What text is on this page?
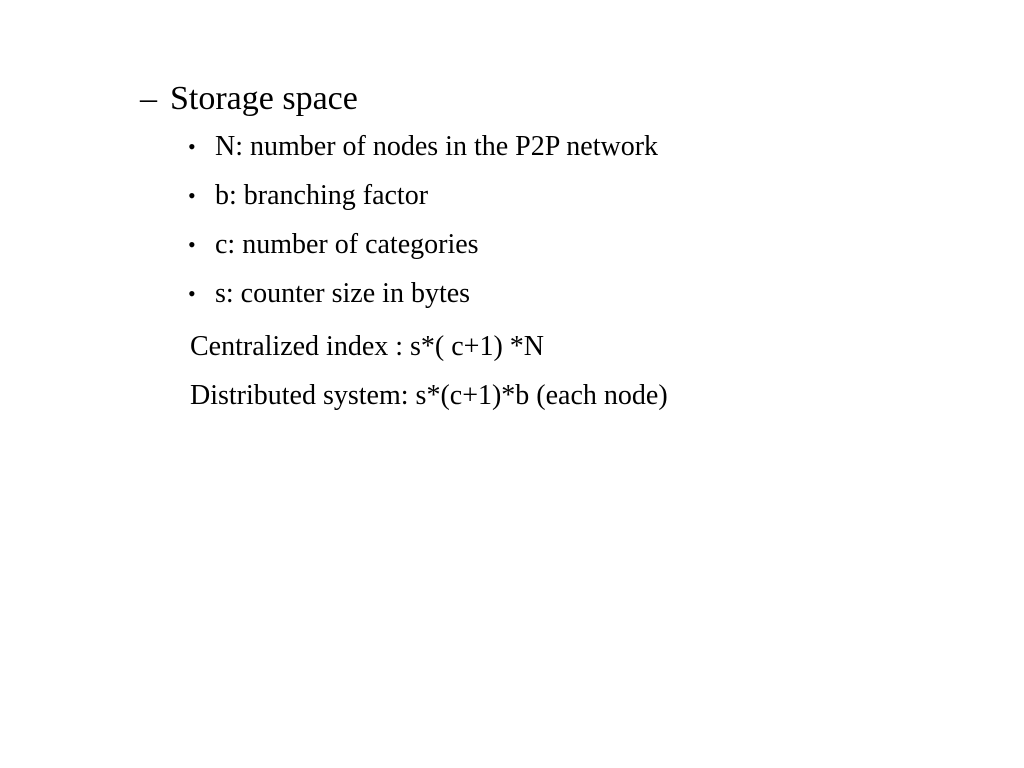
– Storage space
• N: number of nodes in the P2P network
• b: branching factor
• c: number of categories
• s: counter size in bytes
Centralized index : s*( c+1) *N
Distributed system: s*(c+1)*b (each node)
